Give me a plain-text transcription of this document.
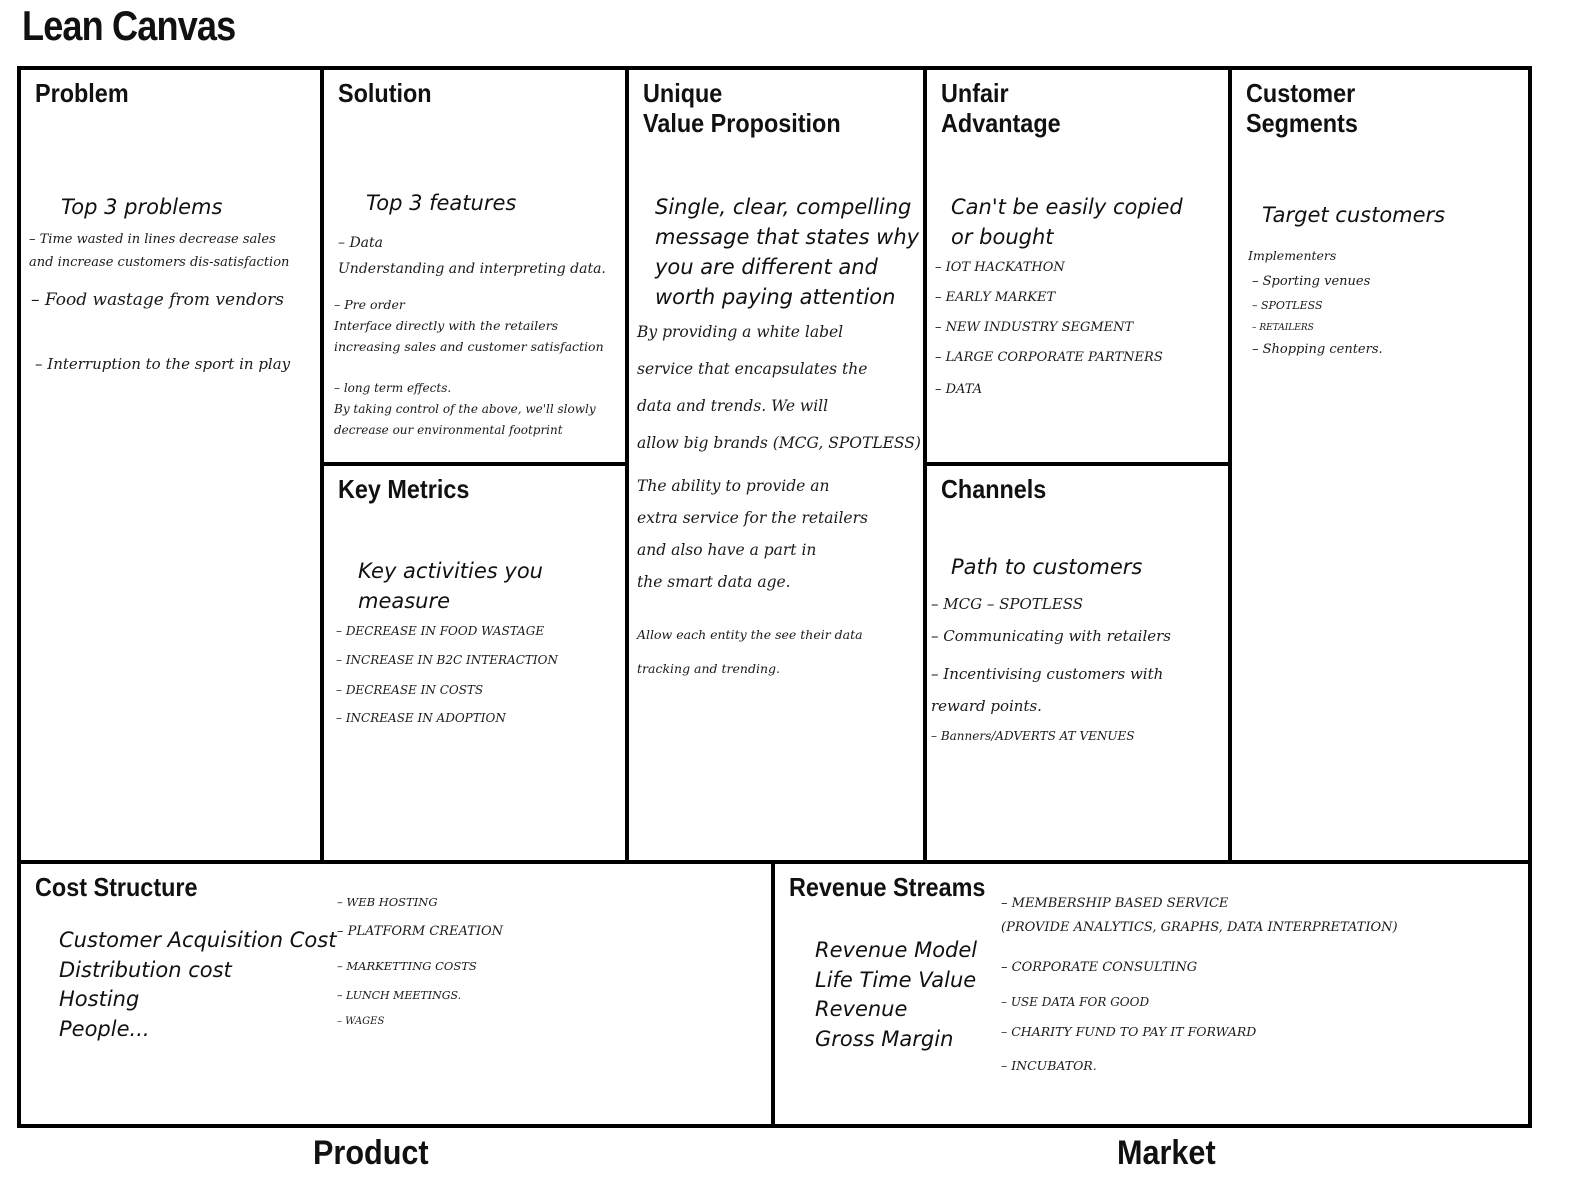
Lean Canvas
Problem
Top 3 problems
– Time wasted in lines decrease sales
and increase customers dis-satisfaction
– Food wastage from vendors
– Interruption to the sport in play
Solution
Top 3 features
– Data
Understanding and interpreting data.
– Pre order
Interface directly with the retailers
increasing sales and customer satisfaction
– long term effects.
By taking control of the above, we'll slowly
decrease our environmental footprint
Key Metrics
Key activities you
measure
– DECREASE IN FOOD WASTAGE
– INCREASE IN B2C INTERACTION
– DECREASE IN COSTS
– INCREASE IN ADOPTION
Unique
Value Proposition
Single, clear, compelling
message that states why
you are different and
worth paying attention
By providing a white label
service that encapsulates the
data and trends. We will
allow big brands (MCG, SPOTLESS)
The ability to provide an
extra service for the retailers
and also have a part in
the smart data age.
Allow each entity the see their data
tracking and trending.
Unfair
Advantage
Can't be easily copied
or bought
– IOT HACKATHON
– EARLY MARKET
– NEW INDUSTRY SEGMENT
– LARGE CORPORATE PARTNERS
– DATA
Channels
Path to customers
– MCG – SPOTLESS
– Communicating with retailers
– Incentivising customers with
reward points.
– Banners/ADVERTS AT VENUES
Customer
Segments
Target customers
Implementers
– Sporting venues
– SPOTLESS
– RETAILERS
– Shopping centers.
Cost Structure
Customer Acquisition Cost
Distribution cost
Hosting
People...
– WEB HOSTING
– PLATFORM CREATION
– MARKETTING COSTS
– LUNCH MEETINGS.
– WAGES
Revenue Streams
Revenue Model
Life Time Value
Revenue
Gross Margin
– MEMBERSHIP BASED SERVICE
(PROVIDE ANALYTICS, GRAPHS, DATA INTERPRETATION)
– CORPORATE CONSULTING
– USE DATA FOR GOOD
– CHARITY FUND TO PAY IT FORWARD
– INCUBATOR.
Product	Market
